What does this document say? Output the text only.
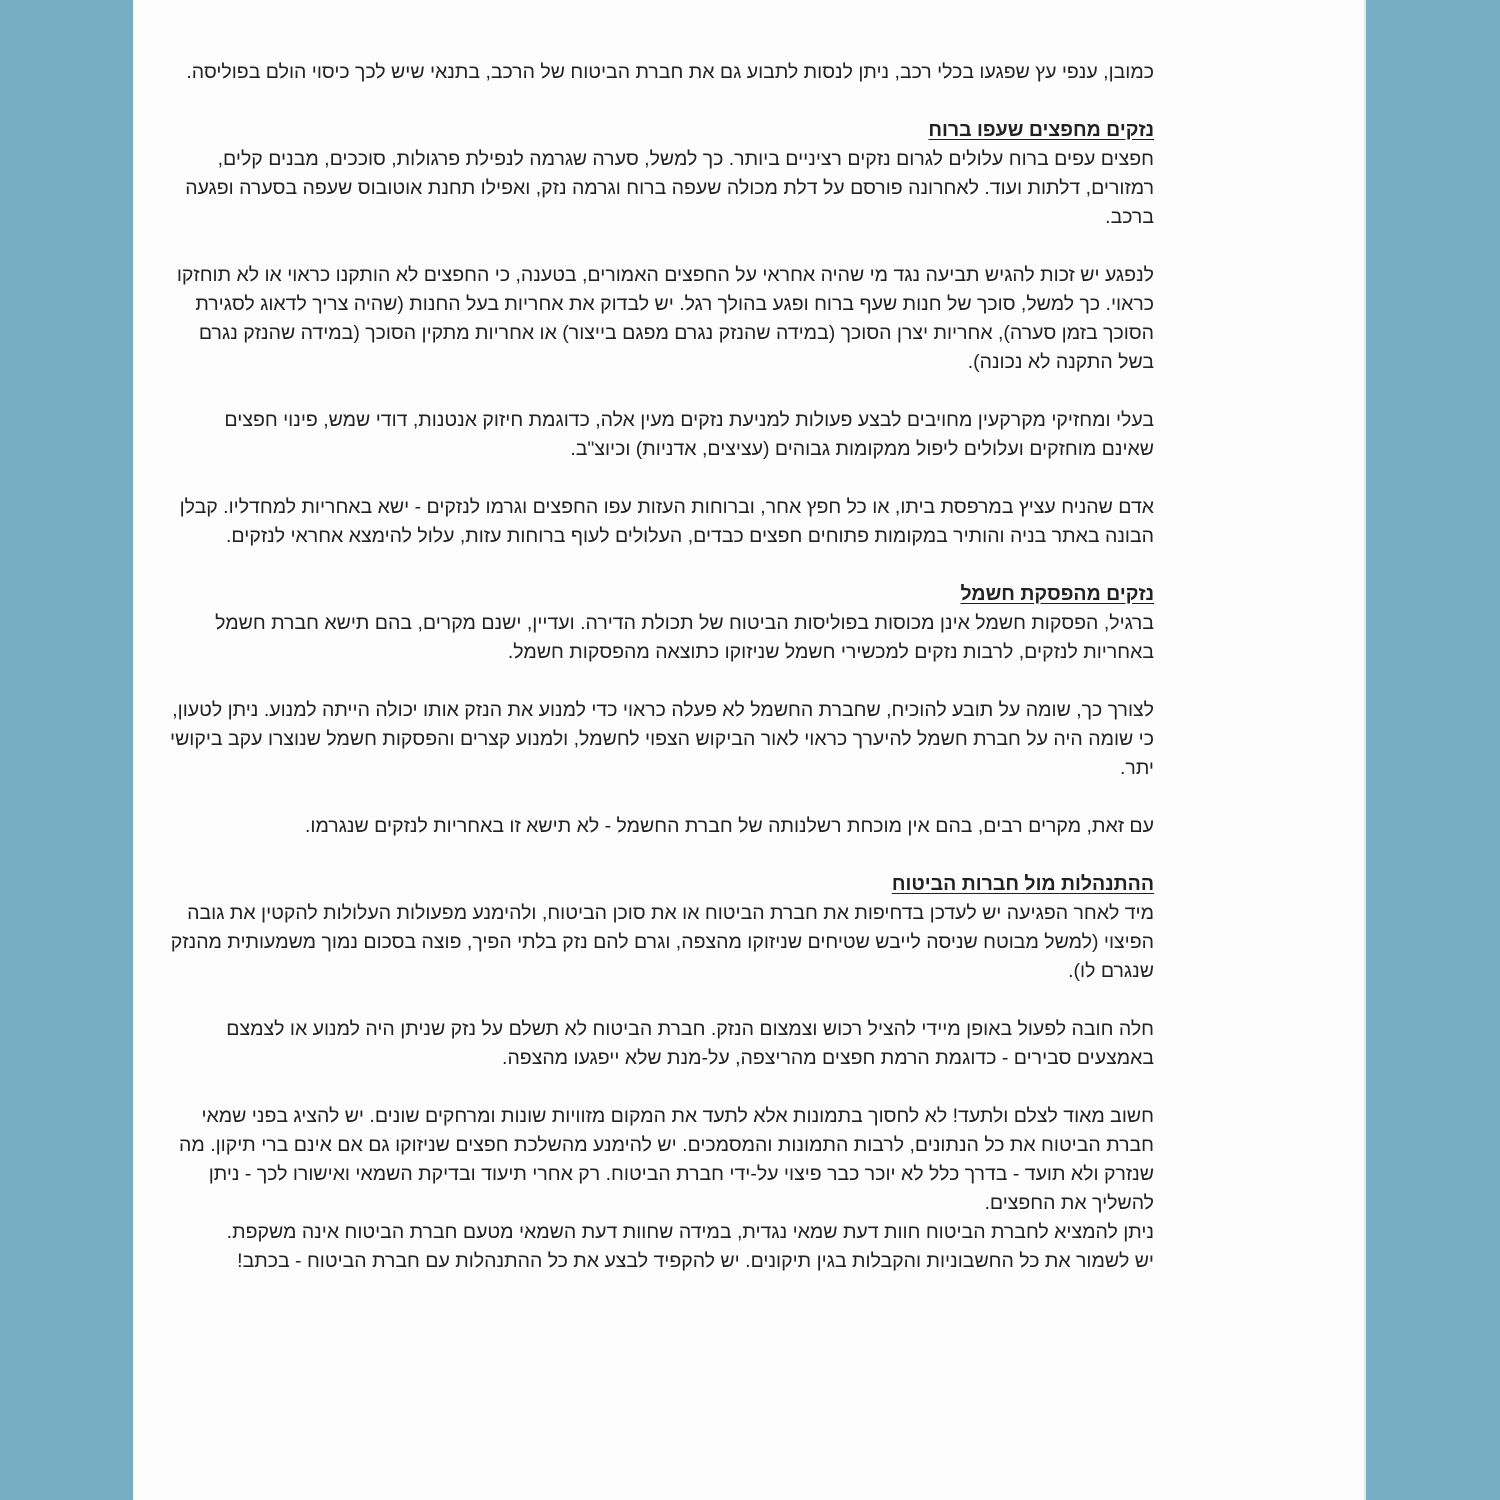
כמובן, ענפי עץ שפגעו בכלי רכב, ניתן לנסות לתבוע גם את חברת הביטוח של הרכב, בתנאי שיש לכך כיסוי הולם בפוליסה.

נזקים מחפצים שעפו ברוח

חפצים עפים ברוח עלולים לגרום נזקים רציניים ביותר. כך למשל, סערה שגרמה לנפילת פרגולות, סוככים, מבנים קלים, רמזורים, דלתות ועוד. לאחרונה פורסם על דלת מכולה שעפה ברוח וגרמה נזק, ואפילו תחנת אוטובוס שעפה בסערה ופגעה ברכב.

לנפגע יש זכות להגיש תביעה נגד מי שהיה אחראי על החפצים האמורים, בטענה, כי החפצים לא הותקנו כראוי או לא תוחזקו כראוי. כך למשל, סוכך של חנות שעף ברוח ופגע בהולך רגל. יש לבדוק את אחריות בעל החנות (שהיה צריך לדאוג לסגירת הסוכך בזמן סערה), אחריות יצרן הסוכך (במידה שהנזק נגרם מפגם בייצור) או אחריות מתקין הסוכך (במידה שהנזק נגרם בשל התקנה לא נכונה).

בעלי ומחזיקי מקרקעין מחויבים לבצע פעולות למניעת נזקים מעין אלה, כדוגמת חיזוק אנטנות, דודי שמש, פינוי חפצים שאינם מוחזקים ועלולים ליפול ממקומות גבוהים (עציצים, אדניות) וכיוצ"ב.

אדם שהניח עציץ במרפסת ביתו, או כל חפץ אחר, וברוחות העזות עפו החפצים וגרמו לנזקים - ישא באחריות למחדליו. קבלן הבונה באתר בניה והותיר במקומות פתוחים חפצים כבדים, העלולים לעוף ברוחות עזות, עלול להימצא אחראי לנזקים.

נזקים מהפסקת חשמל

ברגיל, הפסקות חשמל אינן מכוסות בפוליסות הביטוח של תכולת הדירה. ועדיין, ישנם מקרים, בהם תישא חברת חשמל באחריות לנזקים, לרבות נזקים למכשירי חשמל שניזוקו כתוצאה מהפסקות חשמל.

לצורך כך, שומה על תובע להוכיח, שחברת החשמל לא פעלה כראוי כדי למנוע את הנזק אותו יכולה הייתה למנוע. ניתן לטעון, כי שומה היה על חברת חשמל להיערך כראוי לאור הביקוש הצפוי לחשמל, ולמנוע קצרים והפסקות חשמל שנוצרו עקב ביקושי יתר.

עם זאת, מקרים רבים, בהם אין מוכחת רשלנותה של חברת החשמל - לא תישא זו באחריות לנזקים שנגרמו.

ההתנהלות מול חברות הביטוח

מיד לאחר הפגיעה יש לעדכן בדחיפות את חברת הביטוח או את סוכן הביטוח, ולהימנע מפעולות העלולות להקטין את גובה הפיצוי (למשל מבוטח שניסה לייבש שטיחים שניזוקו מהצפה, וגרם להם נזק בלתי הפיך, פוצה בסכום נמוך משמעותית מהנזק שנגרם לו).

חלה חובה לפעול באופן מיידי להציל רכוש וצמצום הנזק. חברת הביטוח לא תשלם על נזק שניתן היה למנוע או לצמצם באמצעים סבירים - כדוגמת הרמת חפצים מהריצפה, על-מנת שלא ייפגעו מהצפה.

חשוב מאוד לצלם ולתעד! לא לחסוך בתמונות אלא לתעד את המקום מזוויות שונות ומרחקים שונים. יש להציג בפני שמאי חברת הביטוח את כל הנתונים, לרבות התמונות והמסמכים. יש להימנע מהשלכת חפצים שניזוקו גם אם אינם ברי תיקון. מה שנזרק ולא תועד - בדרך כלל לא יוכר כבר פיצוי על-ידי חברת הביטוח. רק אחרי תיעוד ובדיקת השמאי ואישורו לכך - ניתן להשליך את החפצים.

ניתן להמציא לחברת הביטוח חוות דעת שמאי נגדית, במידה שחוות דעת השמאי מטעם חברת הביטוח אינה משקפת.

יש לשמור את כל החשבוניות והקבלות בגין תיקונים. יש להקפיד לבצע את כל ההתנהלות עם חברת הביטוח - בכתב!
